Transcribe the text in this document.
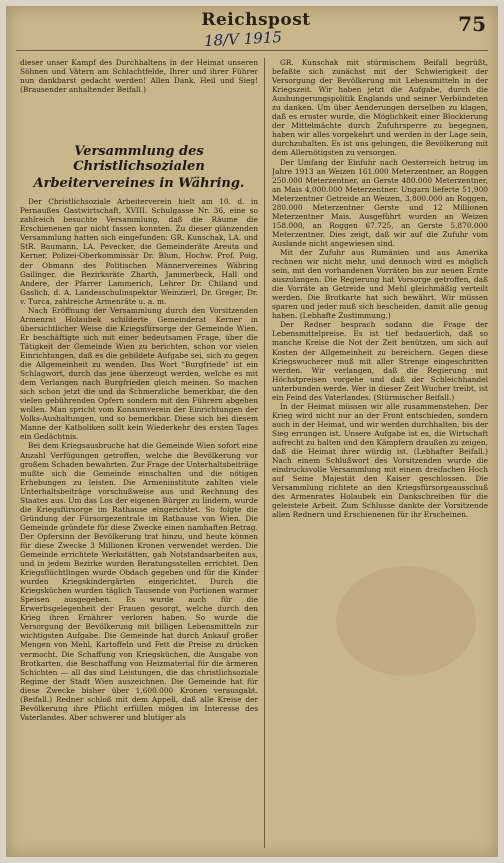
Reichspost	75
18/V 1915

dieser unser Kampf des Durchhaltens in der Heimat unseren Söhnen und Vätern am Schlachtfelde, Ihrer und ihrer Führer nun dankbarst gedacht werden! Allen Dank, Heil und Sieg! (Brausender anhaltender Beifall.)

Versammlung des Christlichsozialen
Arbeitervereines in Währing.

Der Christlichsoziale Arbeiterverein hielt am 10. d. in Pernaußes Gastwirtschaft, XVIII. Schulgasse Nr. 36, eine so zahlreich besuchte Versammlung, daß die Räume die Erschienenen gar nicht fassen konnten. Zu dieser glänzenden Versammlung hatten sich eingefunden: GR. Kunschak, LA. und StR. Baumann, LA. Pevecker, die Gemeinderäte Areuta und Kerner, Polizei-Oberkommissär Dr. Blum, Hochw. Prof. Poig, der Obmann des Politischen Männervereines Währing Gailinger, die Bezirksräte Zharth, Jammerbeck, Hall und Andere, der Pfarrer Lammerich, Lehrer Dr. Chiland und Gaslich, d. A. Landesschulinspektor Weinzierl, Dr. Greger, Dr. v. Turca, zahlreiche Armenräte u. a. m.

Nach Eröffnung der Versammlung durch den Vorsitzenden Armenrat Holaubek schilderte Gemeinderat Kerner in übersichtlicher Weise die Kriegsfürsorge der Gemeinde Wien. Er beschäftigte sich mit einer bedeutsamen Frage, über die Tätigkeit der Gemeinde Wien zu berichten, schon vor vielen Einrichtungen, daß es die gebildete Aufgabe sei, sich zu gegen die Allgemeinheit zu wenden. Das Wort "Burgfriede" ist ein Schlagwort, durch das jene überzeugt werden, welche es mit dem Verlangen nach Burgfrieden gleich meinen. So machen sich schon jetzt die und da Schmerzliche bemerkbar, die den vielen gebührenden Opfern sondern mit den Führern abgehen wollen. Man spricht vom Konsumverein der Einrichtungen der Volks-Aushaltungen, und so bemerkbar. Diese sich bei diesem Manne der Katholiken sollt kein Wiederkehr des ersten Tages ein Gedächtnis.

Bei dem Kriegsausbruche hat die Gemeinde Wien sofort eine Anzahl Verfügungen getroffen, welche die Bevölkerung vor großem Schaden bewahrten. Zur Frage der Unterhaltsbeiträge mußte sich die Gemeinde einschalten und die nötigen Erhebungen zu leisten. Die Armeninstitute zahlten viele Unterhaltsbeiträge vorschußweise aus und Rechnung des Staates aus. Um das Los der eigenen Bürger zu lindern, wurde die Kriegsfürsorge im Rathause eingerichtet. So folgte die Gründung der Fürsorgezentrale im Rathause von Wien. Die Gemeinde gründete für diese Zwecke einen namhaften Betrag. Der Opfersinn der Bevölkerung trat hinzu, und heute können für diese Zwecke 3 Millionen Kronen verwendet werden. Die Gemeinde errichtete Werkstätten, gab Notstandsarbeiten aus, und in jedem Bezirke wurden Beratungsstellen errichtet. Den Kriegsflüchtlingen wurde Obdach gegeben und für die Kinder wurden Kriegskindergärten eingerichtet. Durch die Kriegsküchen wurden täglich Tausende von Portionen warmer Speisen ausgegeben. Es wurde auch für die Erwerbsgelegenheit der Frauen gesorgt, welche durch den Krieg ihren Ernährer verloren haben. So wurde die Versorgung der Bevölkerung mit billigen Lebensmitteln zur wichtigsten Aufgabe. Die Gemeinde hat durch Ankauf großer Mengen von Mehl, Kartoffeln und Fett die Preise zu drücken vermocht. Die Schaffung von Kriegsküchen, die Ausgabe von Brotkarten, die Beschaffung von Heizmaterial für die ärmeren Schichten — all das sind Leistungen, die das christlichsoziale Regime der Stadt Wien auszeichnen. Die Gemeinde hat für diese Zwecke bisher über 1,600.000 Kronen verausgabt. (Beifall.) Redner schloß mit dem Appell, daß alle Kreise der Bevölkerung ihre Pflicht erfüllen mögen im Interesse des Vaterlandes. Aber schwerer und blutiger als

GR. Kunschak mit stürmischem Beifall begrüßt, befaßte sich zunächst mit der Schwierigkeit der Versorgung der Bevölkerung mit Lebensmitteln in der Kriegszeit. Wir haben jetzt die Aufgabe, durch die Aushungerungspolitik Englands und seiner Verbündeten zu danken. Um über Aenderungen derselben zu klagen, daß es ernster wurde, die Möglichkeit einer Blockierung der Mittelmächte durch Zufuhrsperre zu begegnen, haben wir alles vorgekehrt und werden in der Lage sein, durchzuhalten. Es ist uns gelungen, die Bevölkerung mit dem Allernötigsten zu versorgen.

Der Umfang der Einfuhr nach Oesterreich betrug im Jahre 1913 an Weizen 161.000 Meterzentner, an Roggen 250.000 Meterzentner, an Gerste 480.000 Meterzentner, an Mais 4,000.000 Meterzentner. Ungarn lieferte 51,900 Meterzentner Getreide an Weizen, 3,800.000 an Roggen, 280.000 Meterzentner Gerste und 12 Millionen Meterzentner Mais. Ausgeführt wurden an Weizen 158.000, an Roggen 67.725, an Gerste 5,870.000 Meterzentner. Dies zeigt, daß wir auf die Zufuhr vom Auslande nicht angewiesen sind.

Mit der Zufuhr aus Rumänien und aus Amerika rechnen wir nicht mehr, und dennoch wird es möglich sein, mit den vorhandenen Vorräten bis zur neuen Ernte auszulangen. Die Regierung hat Vorsorge getroffen, daß die Vorräte an Getreide und Mehl gleichmäßig verteilt werden. Die Brotkarte hat sich bewährt. Wir müssen sparen und jeder muß sich bescheiden, damit alle genug haben. (Lebhafte Zustimmung.)

Der Redner besprach sodann die Frage der Lebensmittelpreise. Es ist tief bedauerlich, daß so manche Kreise die Not der Zeit benützen, um sich auf Kosten der Allgemeinheit zu bereichern. Gegen diese Kriegswucherer muß mit aller Strenge eingeschritten werden. Wir verlangen, daß die Regierung mit Höchstpreisen vorgehe und daß der Schleichhandel unterbunden werde. Wer in dieser Zeit Wucher treibt, ist ein Feind des Vaterlandes. (Stürmischer Beifall.)

In der Heimat müssen wir alle zusammenstehen. Der Krieg wird nicht nur an der Front entschieden, sondern auch in der Heimat, und wir werden durchhalten, bis der Sieg errungen ist. Unsere Aufgabe ist es, die Wirtschaft aufrecht zu halten und den Kämpfern draußen zu zeigen, daß die Heimat ihrer würdig ist. (Lebhafter Beifall.) Nach einem Schlußwort des Vorsitzenden wurde die eindrucksvolle Versammlung mit einem dreifachen Hoch auf Seine Majestät den Kaiser geschlossen. Die Versammlung richtete an den Kriegsfürsorgeausschuß des Armenrates Holaubek ein Dankschreiben für die geleistete Arbeit. Zum Schlusse dankte der Vorsitzende allen Rednern und Erschienenen für ihr Erscheinen.
